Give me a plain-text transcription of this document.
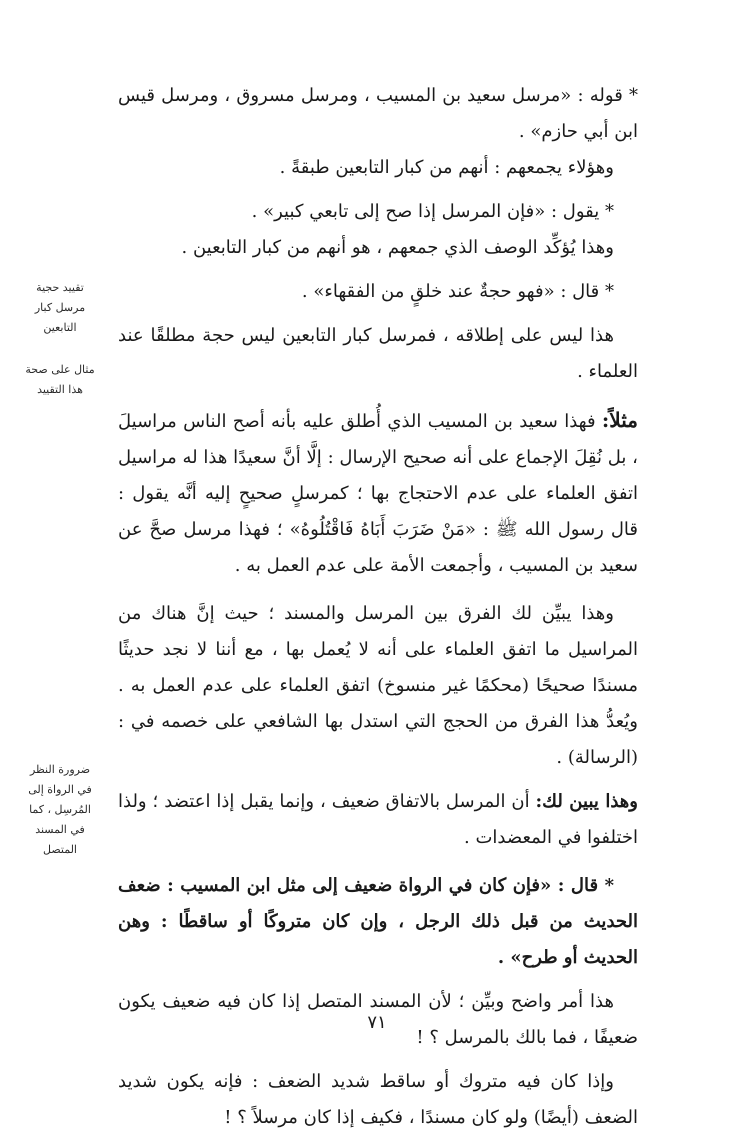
* قوله : «مرسل سعيد بن المسيب ، ومرسل مسروق ، ومرسل قيس ابن أبي حازم» .

وهؤلاء يجمعهم : أنهم من كبار التابعين طبقةً .

* يقول : «فإن المرسل إذا صح إلى تابعي كبير» .

وهذا يُؤكِّد الوصف الذي جمعهم ، هو أنهم من كبار التابعين .

* قال : «فهو حجةٌ عند خلقٍ من الفقهاء» .

هذا ليس على إطلاقه ، فمرسل كبار التابعين ليس حجة مطلقًا عند العلماء .

مثلاً: فهذا سعيد بن المسيب الذي أُطلق عليه بأنه أصح الناس مراسيلَ ، بل نُقِلَ الإجماع على أنه صحيح الإرسال : إلَّا أنَّ سعيدًا هذا له مراسيل اتفق العلماء على عدم الاحتجاج بها ؛ كمرسلٍ صحيحٍ إليه أنَّه يقول : قال رسول الله ﷺ : «مَنْ ضَرَبَ أَبَاهُ فَاقْتُلُوهُ» ؛ فهذا مرسل صحَّ عن سعيد بن المسيب ، وأجمعت الأمة على عدم العمل به .

وهذا يبيِّن لك الفرق بين المرسل والمسند ؛ حيث إنَّ هناك من المراسيل ما اتفق العلماء على أنه لا يُعمل بها ، مع أننا لا نجد حديثًا مسندًا صحيحًا (محكمًا غير منسوخ) اتفق العلماء على عدم العمل به . ويُعدُّ هذا الفرق من الحجج التي استدل بها الشافعي على خصمه في : (الرسالة) .

وهذا يبين لك: أن المرسل بالاتفاق ضعيف ، وإنما يقبل إذا اعتضد ؛ ولذا اختلفوا في المعضدات .

* قال : «فإن كان في الرواة ضعيف إلى مثل ابن المسيب : ضعف الحديث من قبل ذلك الرجل ، وإن كان متروكًا أو ساقطًا : وهن الحديث أو طرح» .

هذا أمر واضح وبيِّن ؛ لأن المسند المتصل إذا كان فيه ضعيف يكون ضعيفًا ، فما بالك بالمرسل ؟ !

وإذا كان فيه متروك أو ساقط شديد الضعف : فإنه يكون شديد الضعف (أيضًا) ولو كان مسندًا ، فكيف إذا كان مرسلاً ؟ !

تقييد حجية مرسل كبار التابعين
مثال على صحة هذا التقييد
ضرورة النظر في الرواة إلى المُرسِل ، كما في المسند المتصل
٧١
